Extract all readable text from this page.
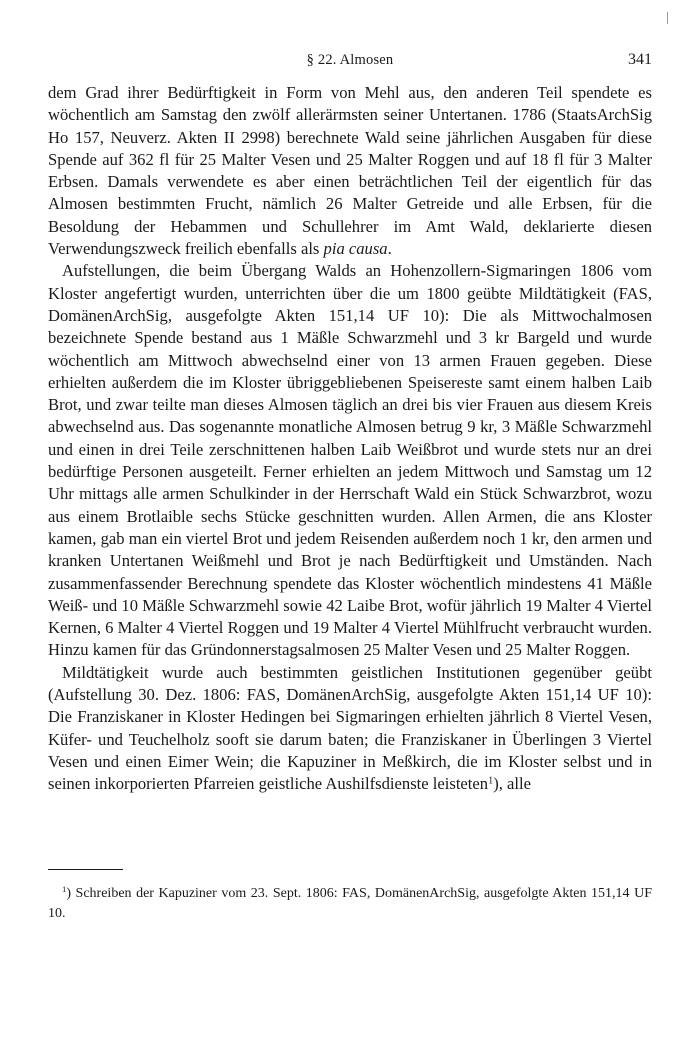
§ 22. Almosen	341

dem Grad ihrer Bedürftigkeit in Form von Mehl aus, den anderen Teil spendete es wöchentlich am Samstag den zwölf allerärmsten seiner Untertanen. 1786 (StaatsArchSig Ho 157, Neuverz. Akten II 2998) berechnete Wald seine jährlichen Ausgaben für diese Spende auf 362 fl für 25 Malter Vesen und 25 Malter Roggen und auf 18 fl für 3 Malter Erbsen. Damals verwendete es aber einen beträchtlichen Teil der eigentlich für das Almosen bestimmten Frucht, nämlich 26 Malter Getreide und alle Erbsen, für die Besoldung der Hebammen und Schullehrer im Amt Wald, deklarierte diesen Verwendungszweck freilich ebenfalls als pia causa.

Aufstellungen, die beim Übergang Walds an Hohenzollern-Sigmaringen 1806 vom Kloster angefertigt wurden, unterrichten über die um 1800 geübte Mildtätigkeit (FAS, DomänenArchSig, ausgefolgte Akten 151,14 UF 10): Die als Mittwochalmosen bezeichnete Spende bestand aus 1 Mäßle Schwarzmehl und 3 kr Bargeld und wurde wöchentlich am Mittwoch abwechselnd einer von 13 armen Frauen gegeben. Diese erhielten außerdem die im Kloster übriggebliebenen Speisereste samt einem halben Laib Brot, und zwar teilte man dieses Almosen täglich an drei bis vier Frauen aus diesem Kreis abwechselnd aus. Das sogenannte monatliche Almosen betrug 9 kr, 3 Mäßle Schwarzmehl und einen in drei Teile zerschnittenen halben Laib Weißbrot und wurde stets nur an drei bedürftige Personen ausgeteilt. Ferner erhielten an jedem Mittwoch und Samstag um 12 Uhr mittags alle armen Schulkinder in der Herrschaft Wald ein Stück Schwarzbrot, wozu aus einem Brotlaible sechs Stücke geschnitten wurden. Allen Armen, die ans Kloster kamen, gab man ein viertel Brot und jedem Reisenden außerdem noch 1 kr, den armen und kranken Untertanen Weißmehl und Brot je nach Bedürftigkeit und Umständen. Nach zusammenfassender Berechnung spendete das Kloster wöchentlich mindestens 41 Mäßle Weiß- und 10 Mäßle Schwarzmehl sowie 42 Laibe Brot, wofür jährlich 19 Malter 4 Viertel Kernen, 6 Malter 4 Viertel Roggen und 19 Malter 4 Viertel Mühlfrucht verbraucht wurden. Hinzu kamen für das Gründonnerstagsalmosen 25 Malter Vesen und 25 Malter Roggen.

Mildtätigkeit wurde auch bestimmten geistlichen Institutionen gegenüber geübt (Aufstellung 30. Dez. 1806: FAS, DomänenArchSig, ausgefolgte Akten 151,14 UF 10): Die Franziskaner in Kloster Hedingen bei Sigmaringen erhielten jährlich 8 Viertel Vesen, Küfer- und Teuchelholz sooft sie darum baten; die Franziskaner in Überlingen 3 Viertel Vesen und einen Eimer Wein; die Kapuziner in Meßkirch, die im Kloster selbst und in seinen inkorporierten Pfarreien geistliche Aushilfsdienste leisteten$^1$), alle

$^1$) Schreiben der Kapuziner vom 23. Sept. 1806: FAS, DomänenArchSig, ausgefolgte Akten 151,14 UF 10.
